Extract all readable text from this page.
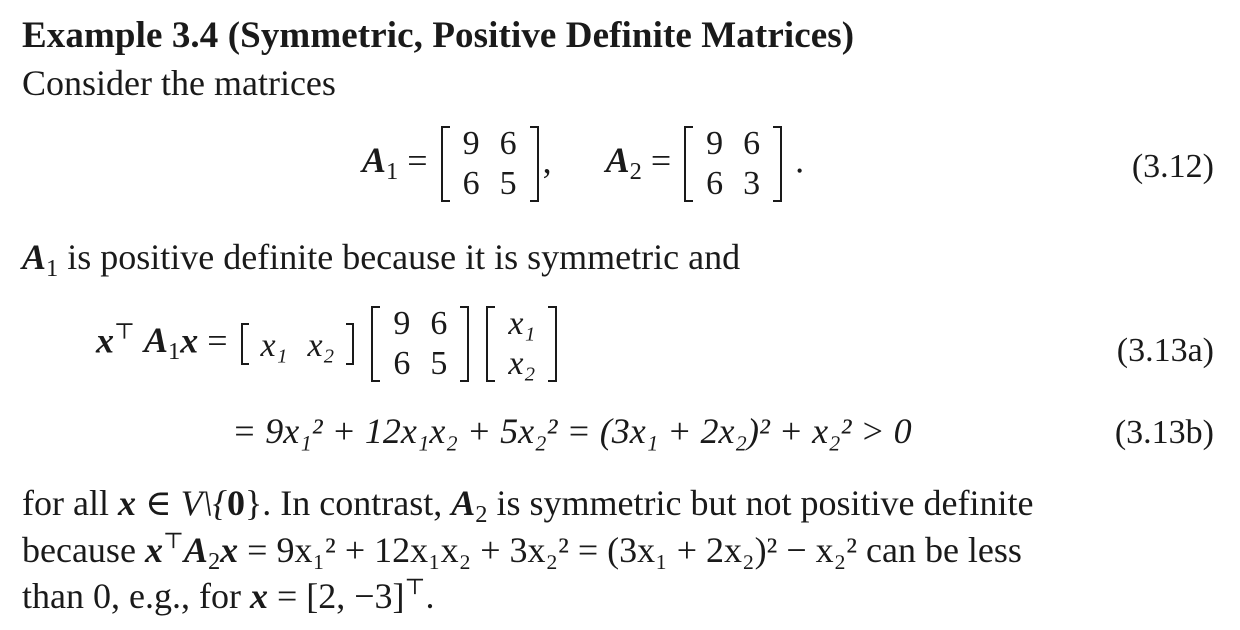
Example 3.4 (Symmetric, Positive Definite Matrices)
Consider the matrices
$A_1 = 9$	6
6	5
, $A_2 = 9$	6
6	3
.	(3.12)
$A_1$ is positive definite because it is symmetric and
x⊤ $A_1x = x_1$ x₂
9	6
6	5

x₁
x₂	(3.13a)
= 9x₁² + 12x₁x₂ + 5x₂² = (3x₁ + 2x₂)² + x₂² > 0	(3.13b)
for all x ∈ V\{0}. In contrast, $A_2$ is symmetric but not positive definite
because $x^⊤A_2x = 9x_1^2 + 12x_1x_2 + 3x_2^2 = (3x_1 + 2x_2)^2 - x_2^2$ can be less
than 0, e.g., for x = [2, −3]⊤.
